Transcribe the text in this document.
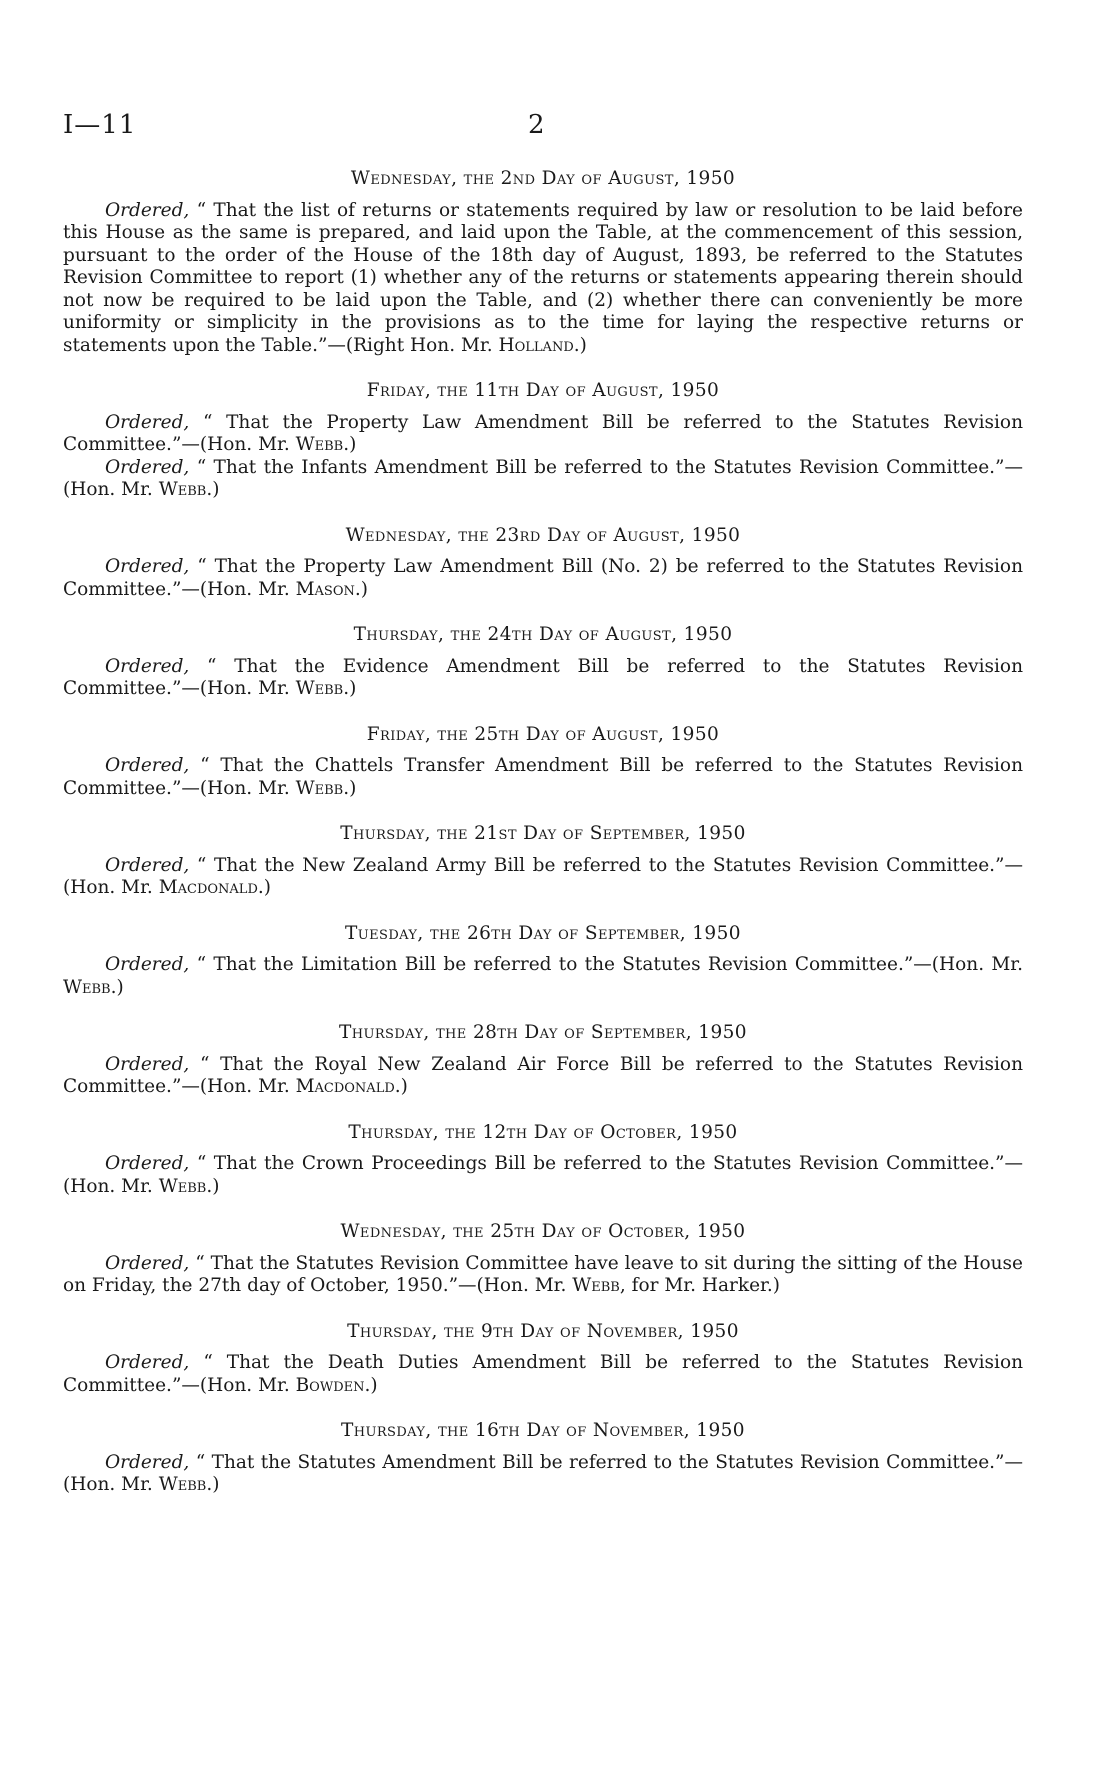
I—11	2
Wednesday, the 2nd Day of August, 1950

Ordered, “ That the list of returns or statements required by law or resolution to be laid before this House as the same is prepared, and laid upon the Table, at the commencement of this session, pursuant to the order of the House of the 18th day of August, 1893, be referred to the Statutes Revision Committee to report (1) whether any of the returns or statements appearing therein should not now be required to be laid upon the Table, and (2) whether there can conveniently be more uniformity or simplicity in the provisions as to the time for laying the respective returns or statements upon the Table.”—(Right Hon. Mr. Holland.)

Friday, the 11th Day of August, 1950

Ordered, “ That the Property Law Amendment Bill be referred to the Statutes Revision Committee.”—(Hon. Mr. Webb.)

Ordered, “ That the Infants Amendment Bill be referred to the Statutes Revision Committee.”—(Hon. Mr. Webb.)

Wednesday, the 23rd Day of August, 1950

Ordered, “ That the Property Law Amendment Bill (No. 2) be referred to the Statutes Revision Committee.”—(Hon. Mr. Mason.)

Thursday, the 24th Day of August, 1950

Ordered, “ That the Evidence Amendment Bill be referred to the Statutes Revision Committee.”—(Hon. Mr. Webb.)

Friday, the 25th Day of August, 1950

Ordered, “ That the Chattels Transfer Amendment Bill be referred to the Statutes Revision Committee.”—(Hon. Mr. Webb.)

Thursday, the 21st Day of September, 1950

Ordered, “ That the New Zealand Army Bill be referred to the Statutes Revision Committee.”—(Hon. Mr. Macdonald.)

Tuesday, the 26th Day of September, 1950

Ordered, “ That the Limitation Bill be referred to the Statutes Revision Committee.”—(Hon. Mr. Webb.)

Thursday, the 28th Day of September, 1950

Ordered, “ That the Royal New Zealand Air Force Bill be referred to the Statutes Revision Committee.”—(Hon. Mr. Macdonald.)

Thursday, the 12th Day of October, 1950

Ordered, “ That the Crown Proceedings Bill be referred to the Statutes Revision Committee.”—(Hon. Mr. Webb.)

Wednesday, the 25th Day of October, 1950

Ordered, “ That the Statutes Revision Committee have leave to sit during the sitting of the House on Friday, the 27th day of October, 1950.”—(Hon. Mr. Webb, for Mr. Harker.)

Thursday, the 9th Day of November, 1950

Ordered, “ That the Death Duties Amendment Bill be referred to the Statutes Revision Committee.”—(Hon. Mr. Bowden.)

Thursday, the 16th Day of November, 1950

Ordered, “ That the Statutes Amendment Bill be referred to the Statutes Revision Committee.”—(Hon. Mr. Webb.)
